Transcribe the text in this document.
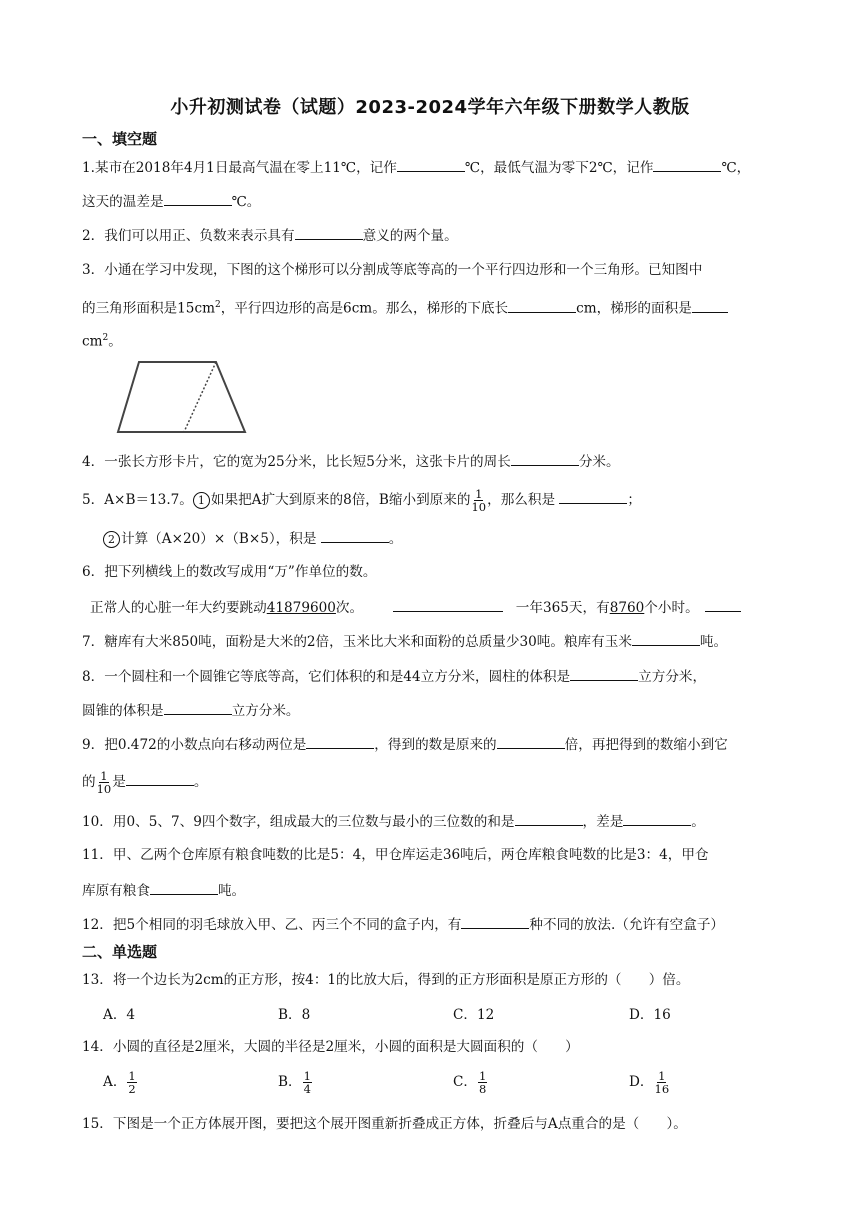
小升初测试卷（试题）2023-2024学年六年级下册数学人教版
一、填空题
1.某市在2018年4月1日最高气温在零上11℃，记作	℃，最低气温为零下2℃，记作	℃，
这天的温差是	℃。
2．我们可以用正、负数来表示具有	意义的两个量。
3．小通在学习中发现，下图的这个梯形可以分割成等底等高的一个平行四边形和一个三角形。已知图中
的三角形面积是$15cm^2$，平行四边形的高是6cm。那么，梯形的下底长	cm，梯形的面积是
$cm^2$。
4．一张长方形卡片，它的宽为25分米，比长短5分米，这张卡片的周长	分米。
5．A×B＝13.7。 1 如果把A扩大到原来的8倍，B缩小到原来的 $\frac{1}{10}$ ，那么积是	；
2 计算（A×20）×（B×5），积是	。
6．把下列横线上的数改写成用“万”作单位的数。
正常人的心脏一年大约要跳动41879600次。	一年365天，有8760个小时。
7．糖库有大米850吨，面粉是大米的2倍，玉米比大米和面粉的总质量少30吨。粮库有玉米	吨。
8．一个圆柱和一个圆锥它等底等高，它们体积的和是44立方分米，圆柱的体积是	立方分米，
圆锥的体积是	立方分米。
9．把0.472的小数点向右移动两位是	，得到的数是原来的	倍，再把得到的数缩小到它
的 $\frac{1}{10}$ 是	。
10．用0、5、7、9四个数字，组成最大的三位数与最小的三位数的和是	，差是	。
11．甲、乙两个仓库原有粮食吨数的比是5：4，甲仓库运走36吨后，两仓库粮食吨数的比是3：4，甲仓
库原有粮食	吨。
12．把5个相同的羽毛球放入甲、乙、丙三个不同的盒子内，有	种不同的放法.（允许有空盒子）
二、单选题
13．将一个边长为2cm的正方形，按4：1的比放大后，得到的正方形面积是原正方形的（　　）倍。
A．4	B．8	C．12	D．16
14．小圆的直径是2厘米，大圆的半径是2厘米，小圆的面积是大圆面积的（　　）
A． $\frac{1}{2}$	B． $\frac{1}{4}$	C． $\frac{1}{8}$	D． $\frac{1}{16}$
15．下图是一个正方体展开图，要把这个展开图重新折叠成正方体，折叠后与A点重合的是（　　）。
